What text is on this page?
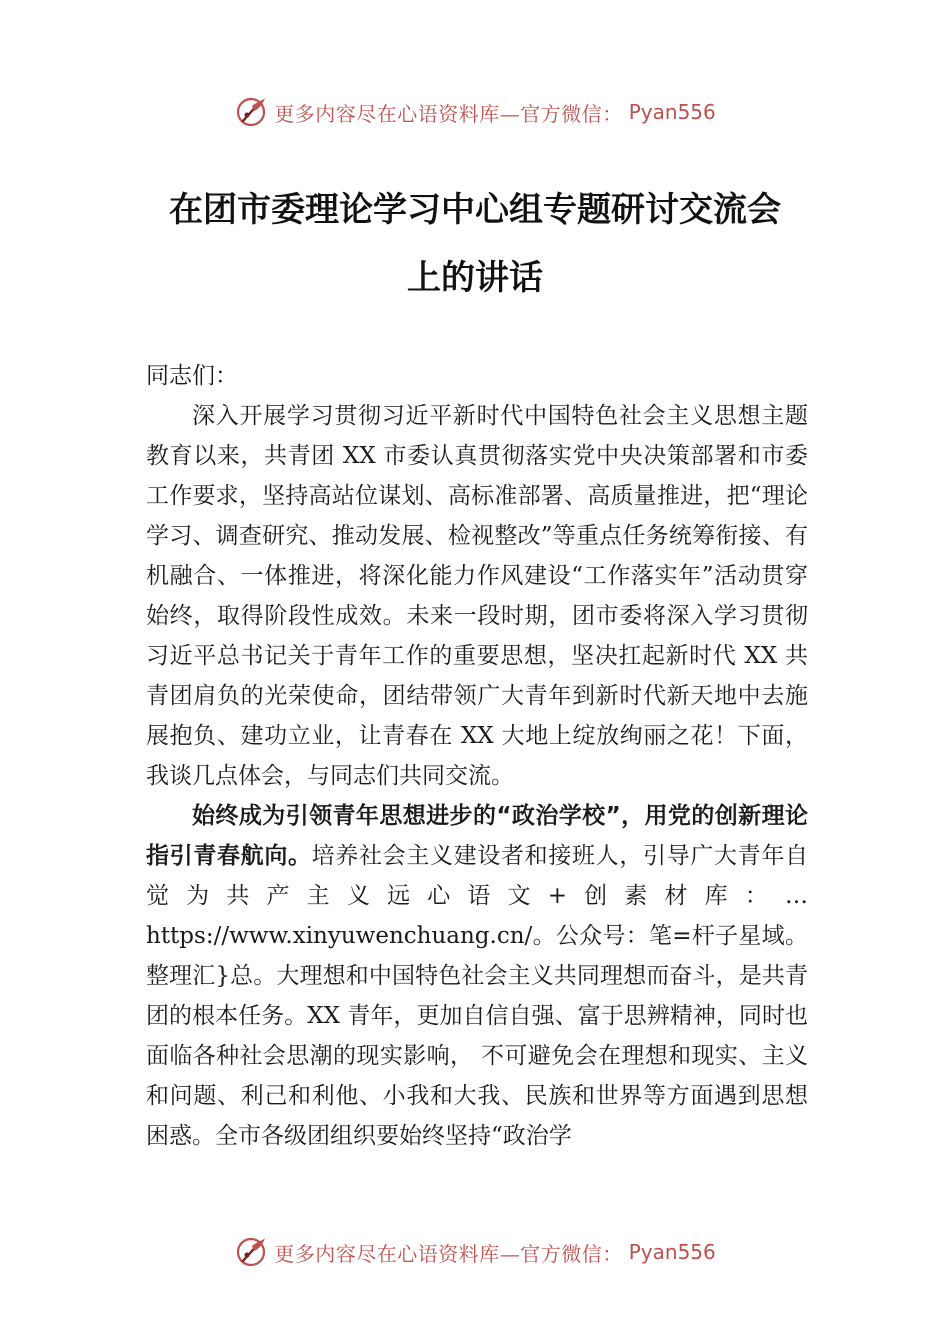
更多内容尽在心语资料库—官方微信： Pyan556
在团市委理论学习中心组专题研讨交流会
上的讲话

同志们：

深入开展学习贯彻习近平新时代中国特色社会主义思想主题教育以来，共青团 XX 市委认真贯彻落实党中央决策部署和市委工作要求，坚持高站位谋划、高标准部署、高质量推进，把“理论学习、调查研究、推动发展、检视整改”等重点任务统筹衔接、有机融合、一体推进，将深化能力作风建设“工作落实年”活动贯穿始终，取得阶段性成效。未来一段时期，团市委将深入学习贯彻习近平总书记关于青年工作的重要思想，坚决扛起新时代 XX 共青团肩负的光荣使命，团结带领广大青年到新时代新天地中去施展抱负、建功立业，让青春在 XX 大地上绽放绚丽之花！下面，我谈几点体会，与同志们共同交流。

始终成为引领青年思想进步的“政治学校”，用党的创新理论指引青春航向。培养社会主义建设者和接班人，引导广大青年自觉为共产主义远心语文+创素材库：…https://www.xinyuwenchuang.cn/。公众号：笔=杆子星域。整理汇}总。大理想和中国特色社会主义共同理想而奋斗，是共青团的根本任务。XX 青年，更加自信自强、富于思辨精神，同时也面临各种社会思潮的现实影响， 不可避免会在理想和现实、主义和问题、利己和利他、小我和大我、民族和世界等方面遇到思想困惑。全市各级团组织要始终坚持“政治学

更多内容尽在心语资料库—官方微信： Pyan556
